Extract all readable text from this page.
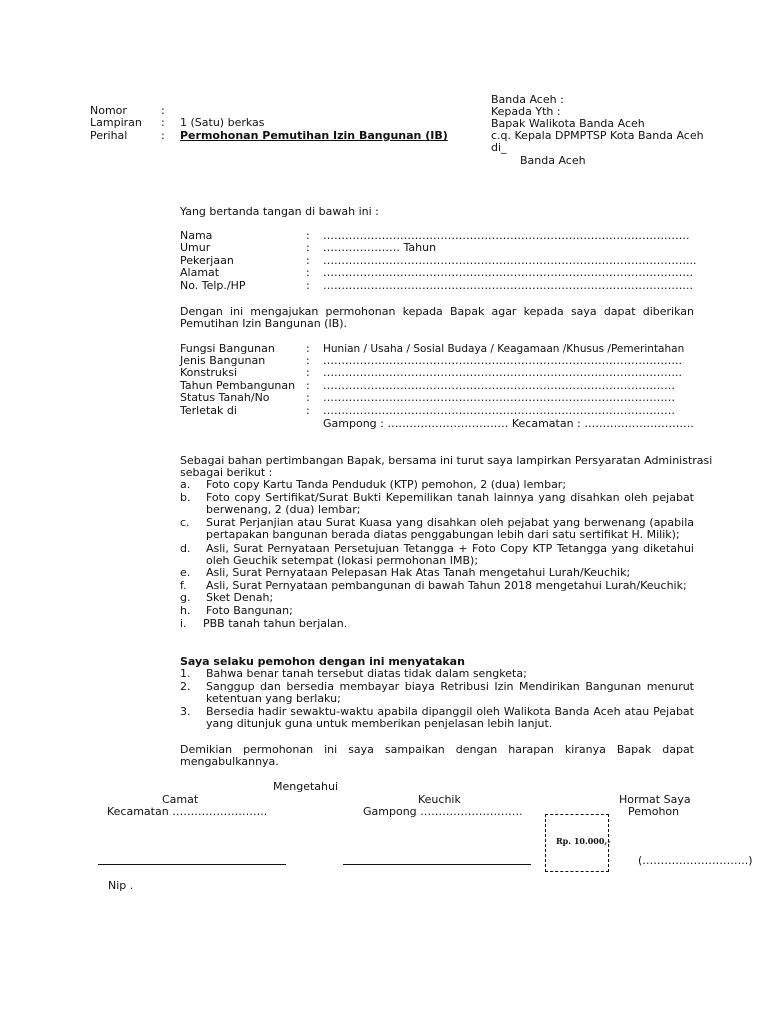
Banda Aceh :
Kepada Yth :
Bapak Walikota Banda Aceh
c.q. Kepala DPMPTSP Kota Banda Aceh
di_
Banda Aceh
Nomor	:
Lampiran : 1 (Satu) berkas
Perihal	: Permohonan Pemutihan Izin Bangunan (IB)
Yang bertanda tangan di bawah ini :
Nama	: ……………………………………………………………………………………….
Umur	: ………………… Tahun
Pekerjaan	: ………………………………………………………………………………………...
Alamat	: ………………………………………………………………………………………..
No. Telp./HP	: ………………………………………………………………………………………..
Dengan ini mengajukan permohonan kepada Bapak agar kepada saya dapat diberikan
Pemutihan Izin Bangunan (IB).
Fungsi Bangunan	: Hunian / Usaha / Sosial Budaya / Keagamaan /Khusus /Pemerintahan
Jenis Bangunan	: ……………………………………………………………………………………..
Konstruksi	: ……………………………………………………………………………………..
Tahun Pembangunan : ……………………………………………………………………………………
Status Tanah/No	: ……………………………………………………………………………………
Terletak di	: ……………………………………………………………………………………
Gampong : …………………………… Kecamatan : ………….……………..
Sebagai bahan pertimbangan Bapak, bersama ini turut saya lampirkan Persyaratan Administrasi
sebagai berikut :
a. Foto copy Kartu Tanda Penduduk (KTP) pemohon, 2 (dua) lembar;
b. Foto copy Sertifikat/Surat Bukti Kepemilikan tanah lainnya yang disahkan oleh pejabat
berwenang, 2 (dua) lembar;
c. Surat Perjanjian atau Surat Kuasa yang disahkan oleh pejabat yang berwenang (apabila
pertapakan bangunan berada diatas penggabungan lebih dari satu sertifikat H. Milik);
d. Asli, Surat Pernyataan Persetujuan Tetangga + Foto Copy KTP Tetangga yang diketahui
oleh Geuchik setempat (lokasi permohonan IMB);
e. Asli, Surat Pernyataan Pelepasan Hak Atas Tanah mengetahui Lurah/Keuchik;
f. Asli, Surat Pernyataan pembangunan di bawah Tahun 2018 mengetahui Lurah/Keuchik;
g. Sket Denah;
h. Foto Bangunan;
i. PBB tanah tahun berjalan.
Saya selaku pemohon dengan ini menyatakan
1. Bahwa benar tanah tersebut diatas tidak dalam sengketa;
2. Sanggup dan bersedia membayar biaya Retribusi Izin Mendirikan Bangunan menurut
ketentuan yang berlaku;
3. Bersedia hadir sewaktu-waktu apabila dipanggil oleh Walikota Banda Aceh atau Pejabat
yang ditunjuk guna untuk memberikan penjelasan lebih lanjut.
Demikian permohonan ini saya sampaikan dengan harapan kiranya Bapak dapat
mengabulkannya.
Mengetahui
Camat
Kecamatan ……………………..
Keuchik
Gampong ……………………….
Hormat Saya
Pemohon
Rp. 10.000,-
(………………………..)
Nip .
